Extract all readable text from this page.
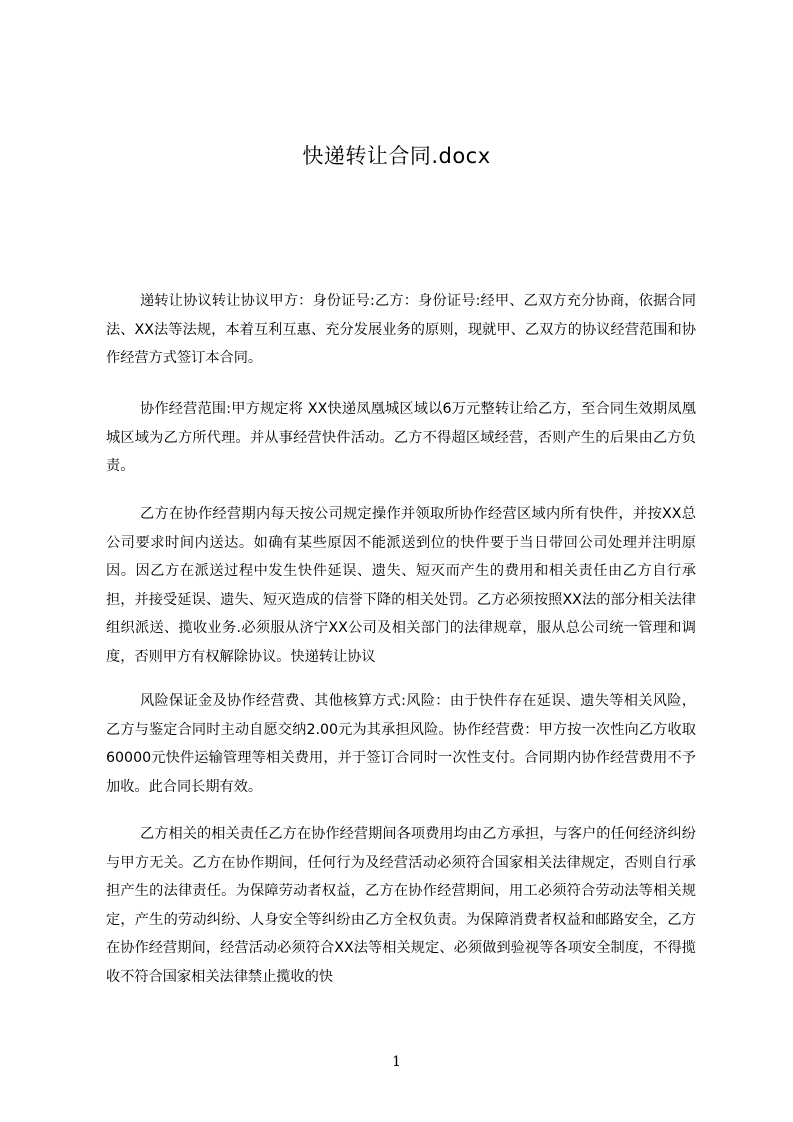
快递转让合同.docx

递转让协议转让协议甲方：身份证号:乙方：身份证号:经甲、乙双方充分协商，依据合同法、XX法等法规，本着互利互惠、充分发展业务的原则，现就甲、乙双方的协议经营范围和协作经营方式签订本合同。

协作经营范围:甲方规定将 XX快递凤凰城区域以6万元整转让给乙方，至合同生效期凤凰城区域为乙方所代理。并从事经营快件活动。乙方不得超区域经营，否则产生的后果由乙方负责。

乙方在协作经营期内每天按公司规定操作并领取所协作经营区域内所有快件，并按XX总公司要求时间内送达。如确有某些原因不能派送到位的快件要于当日带回公司处理并注明原因。因乙方在派送过程中发生快件延误、遗失、短灭而产生的费用和相关责任由乙方自行承担，并接受延误、遗失、短灭造成的信誉下降的相关处罚。乙方必须按照XX法的部分相关法律组织派送、揽收业务.必须服从济宁XX公司及相关部门的法律规章，服从总公司统一管理和调度，否则甲方有权解除协议。快递转让协议

风险保证金及协作经营费、其他核算方式:风险：由于快件存在延误、遗失等相关风险，乙方与鉴定合同时主动自愿交纳2.00元为其承担风险。协作经营费：甲方按一次性向乙方收取60000元快件运输管理等相关费用，并于签订合同时一次性支付。合同期内协作经营费用不予加收。此合同长期有效。

乙方相关的相关责任乙方在协作经营期间各项费用均由乙方承担，与客户的任何经济纠纷与甲方无关。乙方在协作期间，任何行为及经营活动必须符合国家相关法律规定，否则自行承担产生的法律责任。为保障劳动者权益，乙方在协作经营期间，用工必须符合劳动法等相关规定，产生的劳动纠纷、人身安全等纠纷由乙方全权负责。为保障消费者权益和邮路安全，乙方在协作经营期间，经营活动必须符合XX法等相关规定、必须做到验视等各项安全制度，不得揽收不符合国家相关法律禁止揽收的快

1
